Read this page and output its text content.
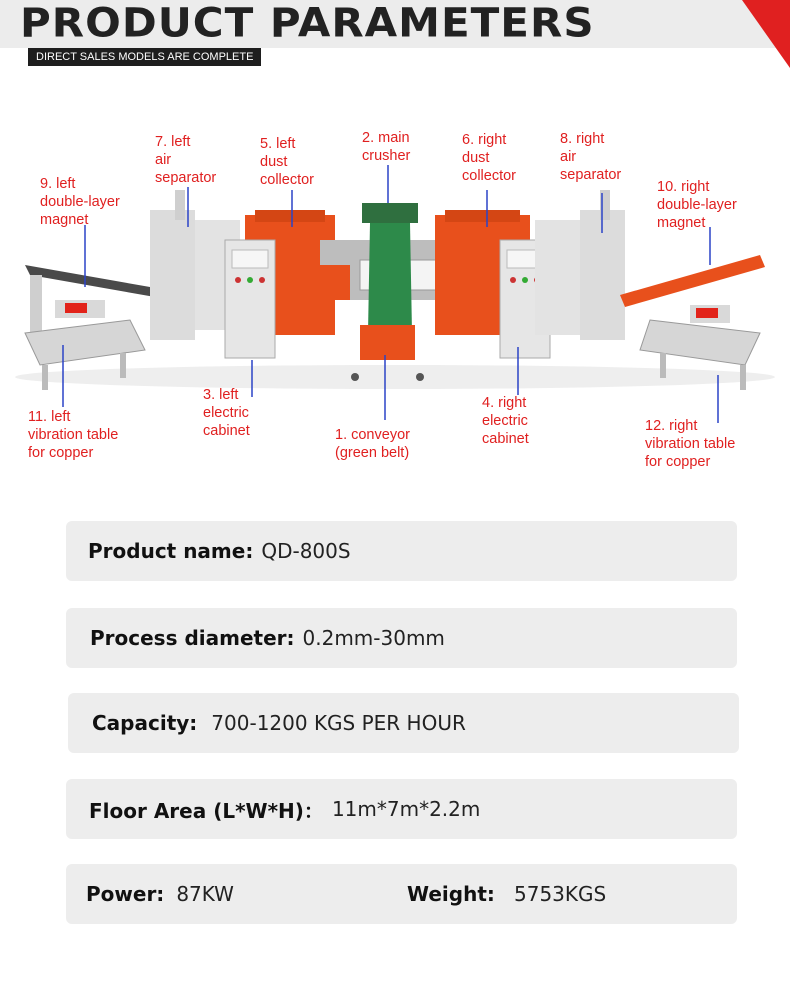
PRODUCT PARAMETERS
DIRECT SALES MODELS ARE COMPLETE
7. left
air
separator
5. left
dust
collector
2. main
crusher
6. right
dust
collector
8. right
air
separator
9. left
double-layer
magnet
10. right
double-layer
magnet
11. left
vibration table
for copper
3. left
electric
cabinet	1. conveyor
(green belt)
4. right
electric
cabinet
12. right
vibration table
for copper
Product name: QD-800S
Process diameter: 0.2mm-30mm
Capacity: 700-1200 KGS PER HOUR
Floor Area (L*W*H)： 11m*7m*2.2m
Power: 87KW	Weight: 5753KGS
